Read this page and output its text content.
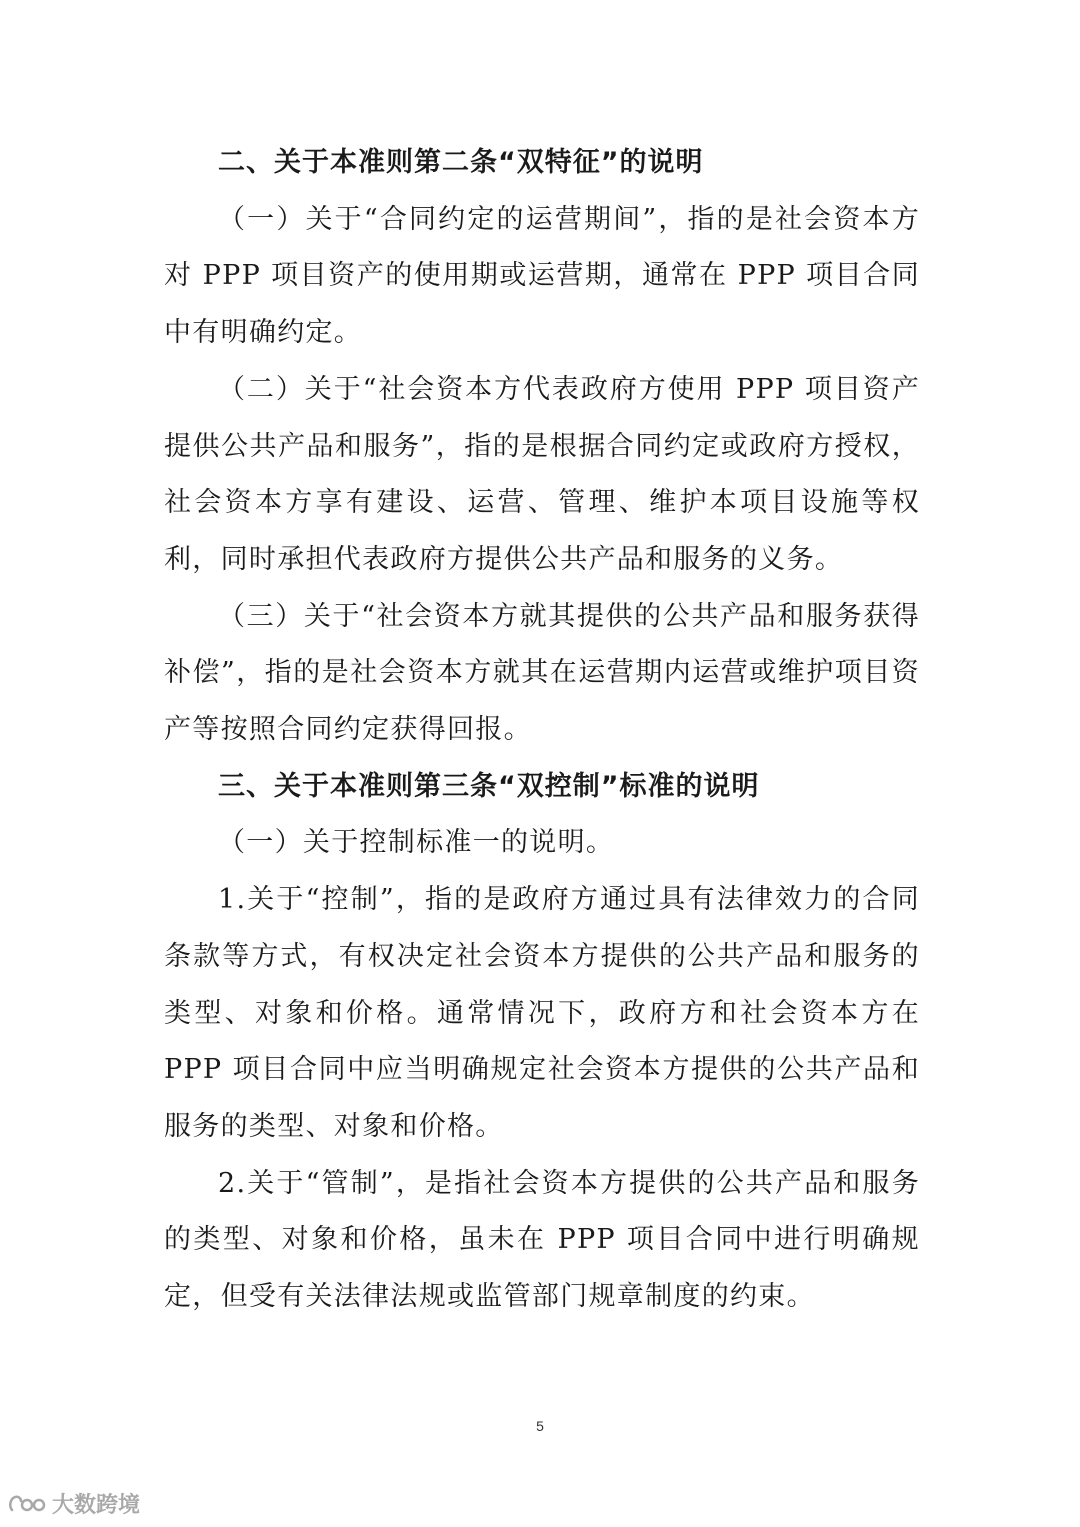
二、关于本准则第二条“双特征”的说明

（一）关于“合同约定的运营期间”，指的是社会资本方对 PPP 项目资产的使用期或运营期，通常在 PPP 项目合同中有明确约定。

（二）关于“社会资本方代表政府方使用 PPP 项目资产提供公共产品和服务”，指的是根据合同约定或政府方授权，社会资本方享有建设、运营、管理、维护本项目设施等权利，同时承担代表政府方提供公共产品和服务的义务。

（三）关于“社会资本方就其提供的公共产品和服务获得补偿”，指的是社会资本方就其在运营期内运营或维护项目资产等按照合同约定获得回报。

三、关于本准则第三条“双控制”标准的说明

（一）关于控制标准一的说明。

1.关于“控制”，指的是政府方通过具有法律效力的合同条款等方式，有权决定社会资本方提供的公共产品和服务的类型、对象和价格。通常情况下，政府方和社会资本方在 PPP 项目合同中应当明确规定社会资本方提供的公共产品和服务的类型、对象和价格。

2.关于“管制”，是指社会资本方提供的公共产品和服务的类型、对象和价格，虽未在 PPP 项目合同中进行明确规定，但受有关法律法规或监管部门规章制度的约束。

5
大数跨境
